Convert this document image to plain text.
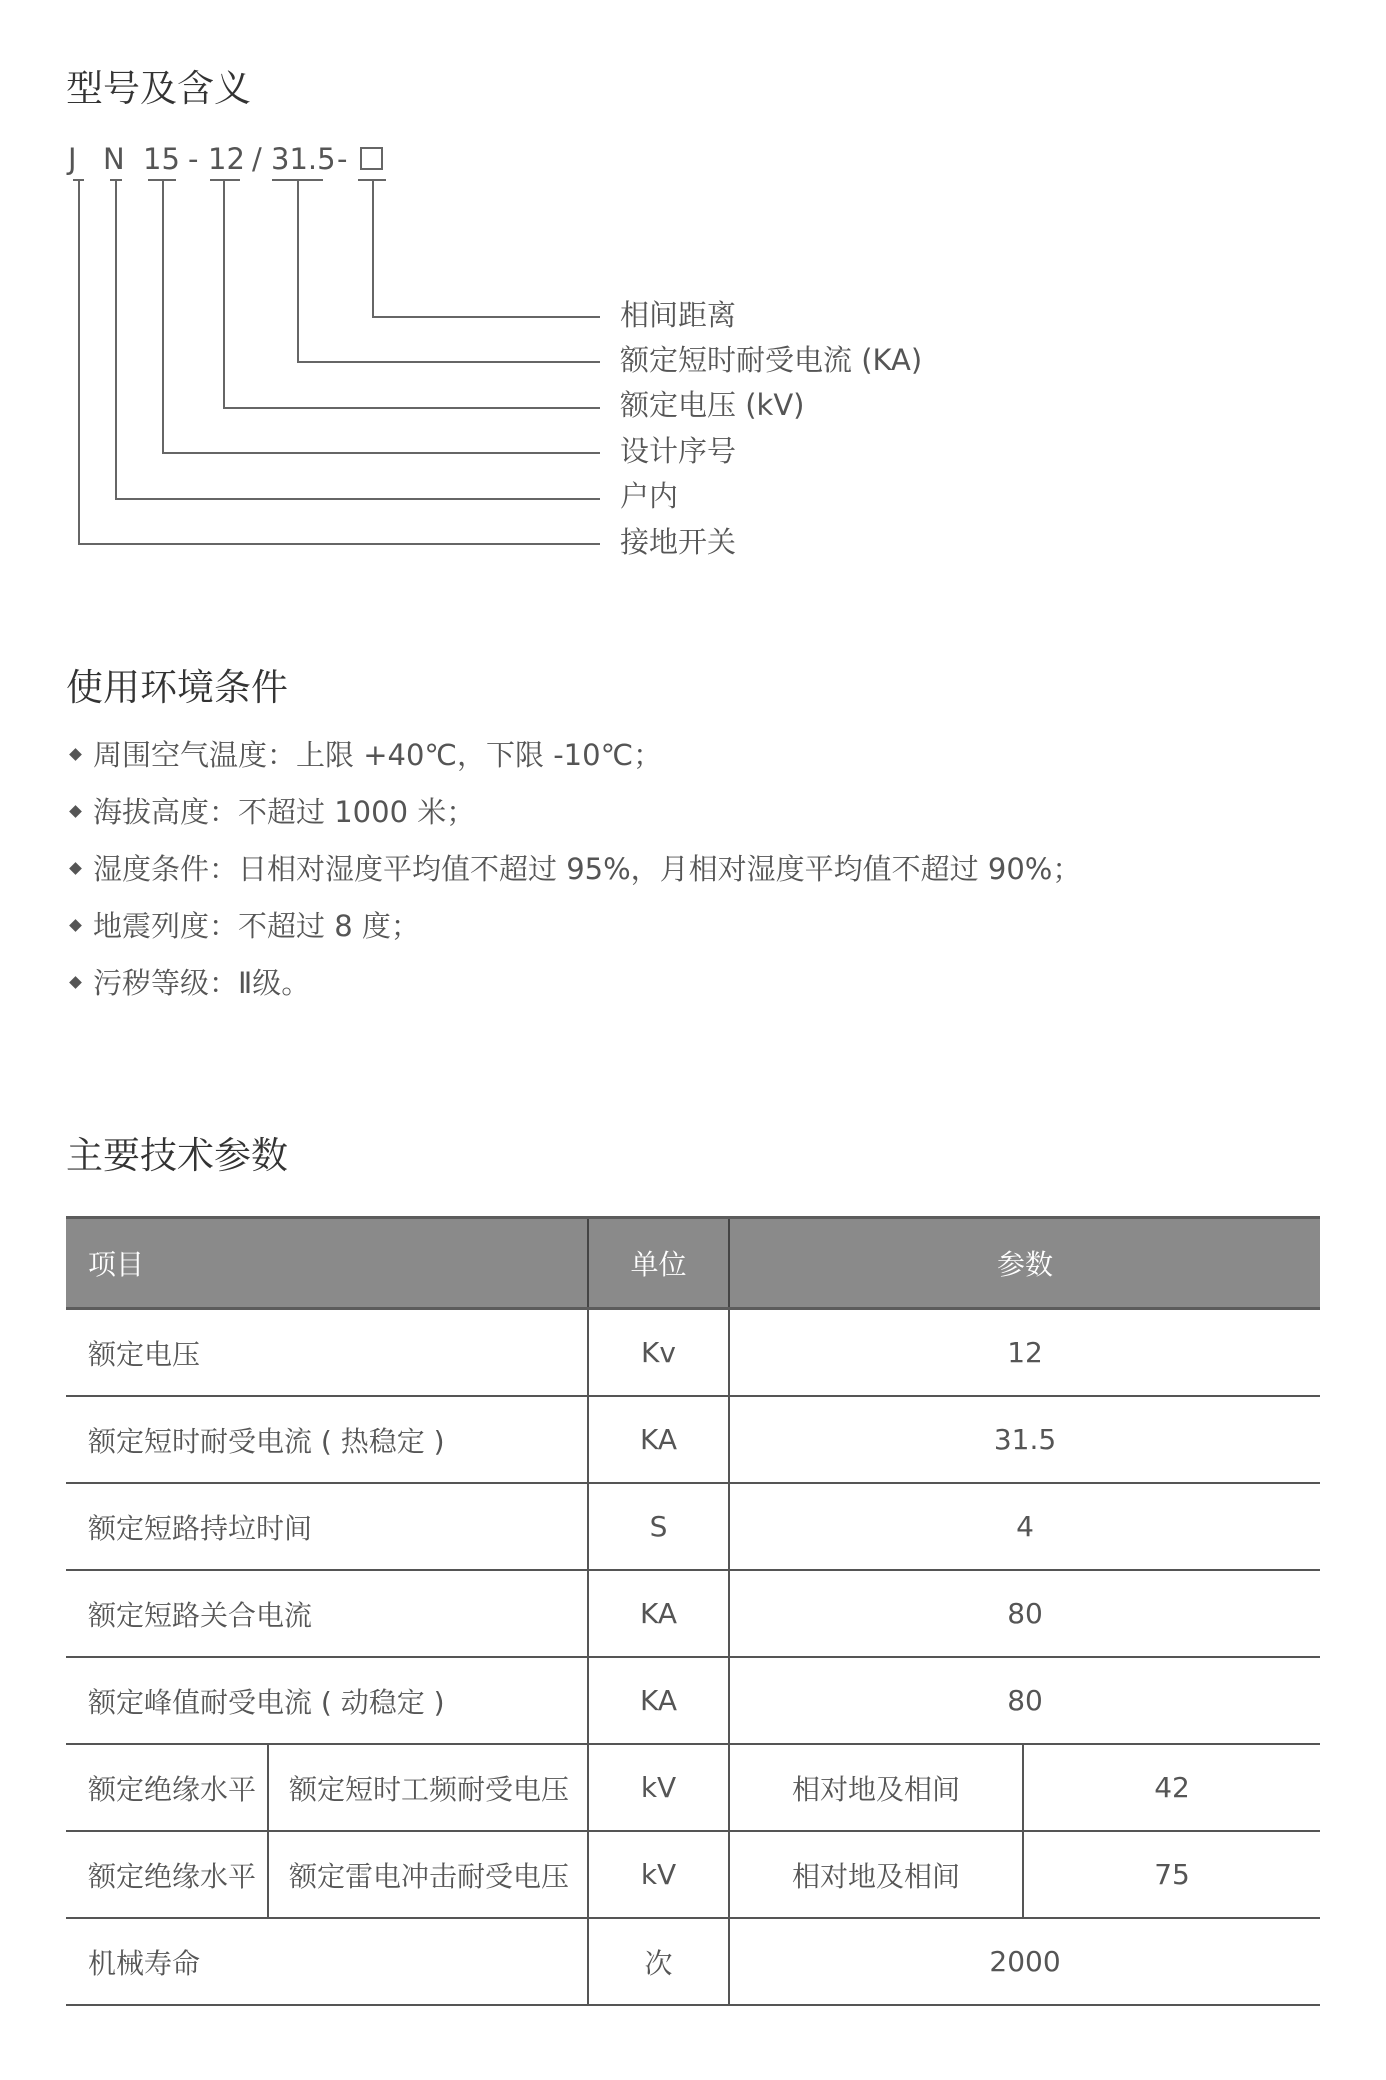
型号及含义
J N 15 - 12 / 31.5 -
相间距离
额定短时耐受电流 (KA)
额定电压 (kV)
设计序号
户内
接地开关
使用环境条件
周围空气温度：上限 +40℃，下限 -10℃；
海拔高度：不超过 1000 米；
湿度条件：日相对湿度平均值不超过 95%，月相对湿度平均值不超过 90%；
地震列度：不超过 8 度；
污秽等级：Ⅱ级。
主要技术参数
项目		单位	参数	
额定电压		Kv	12	
额定短时耐受电流 ( 热稳定 )		KA	31.5	
额定短路持垃时间		S	4	
额定短路关合电流		KA	80	
额定峰值耐受电流 ( 动稳定 )		KA	80	
额定绝缘水平	额定短时工频耐受电压	kV	相对地及相间	42
额定绝缘水平	额定雷电冲击耐受电压	kV	相对地及相间	75
机械寿命		次	2000	
